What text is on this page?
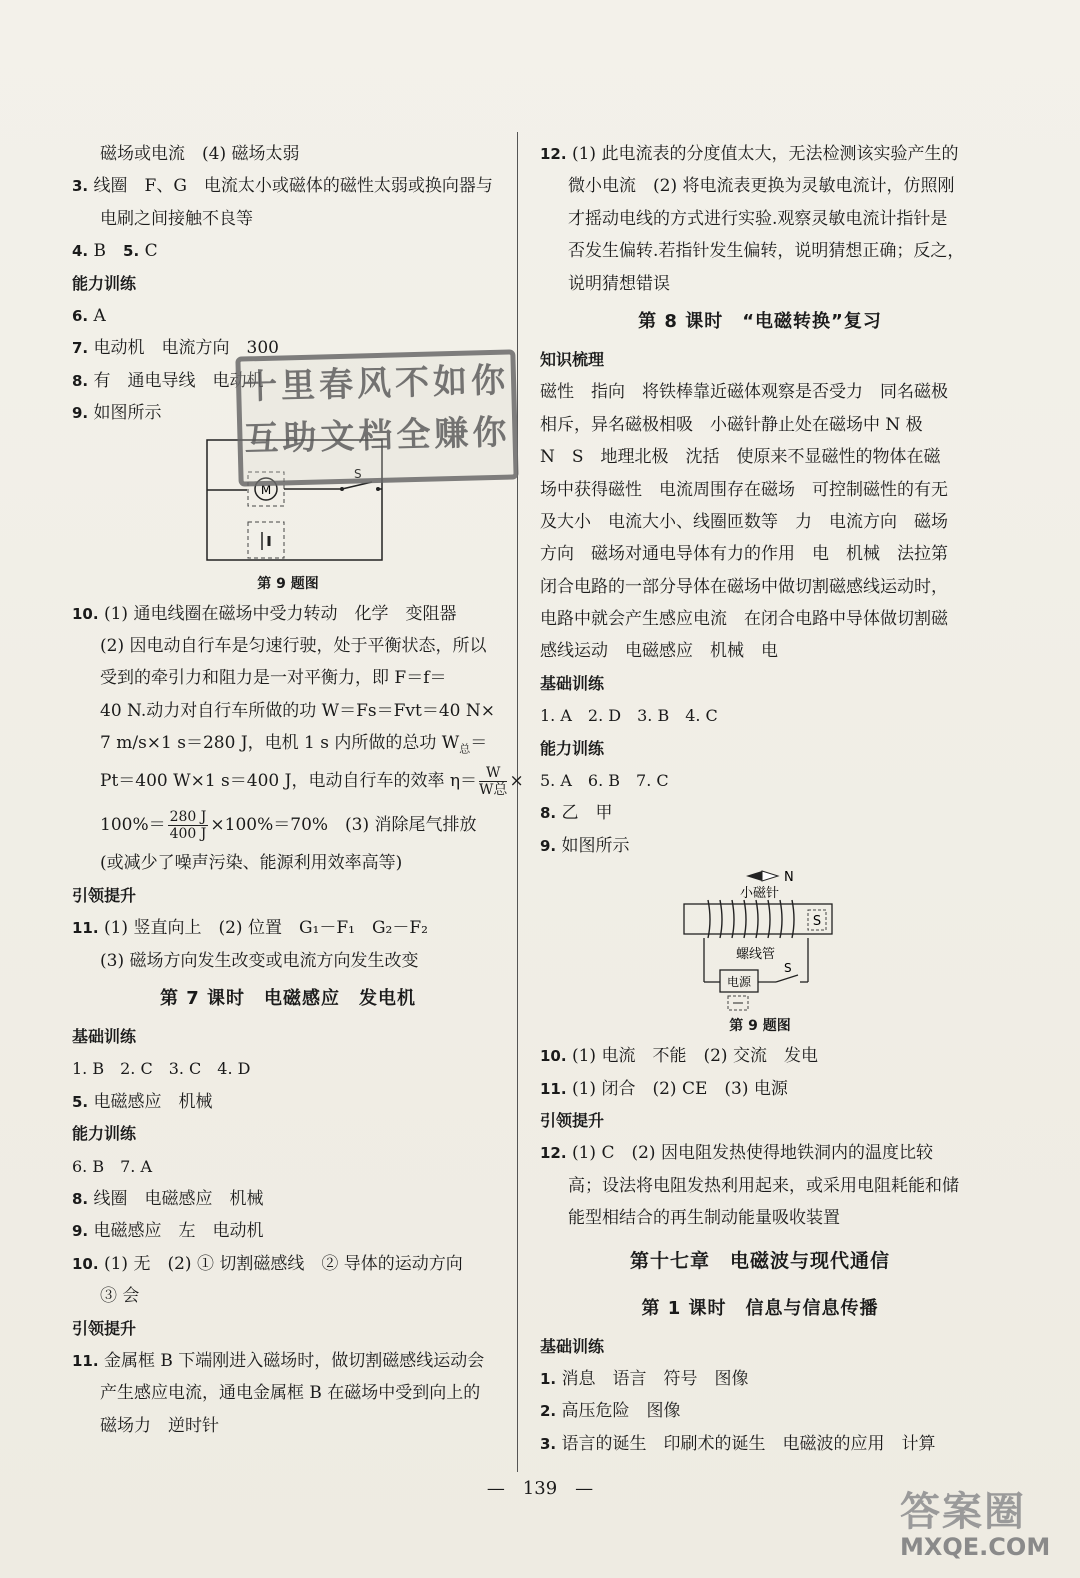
磁场或电流　(4) 磁场太弱
3. 线圈　F、G　电流太小或磁体的磁性太弱或换向器与
电刷之间接触不良等
4. B　5. C
能力训练
6. A
7. 电动机　电流方向　300
8. 有　通电导线　电动机
9. 如图所示
M
S
第 9 题图
10. (1) 通电线圈在磁场中受力转动　化学　变阻器
(2) 因电动自行车是匀速行驶，处于平衡状态，所以
受到的牵引力和阻力是一对平衡力，即 F＝f＝
40 N.动力对自行车所做的功 W＝Fs＝Fvt＝40 N×
7 m/s×1 s＝280 J，电机 1 s 内所做的总功 $W_总=$
Pt＝400 W×1 s＝400 J，电动自行车的效率 $\eta= \frac{W}{\text{W总}}$ ×
$100\%= \frac{280 J}{400 J} \times 100\%=70\%$　(3) 消除尾气排放
(或减少了噪声污染、能源利用效率高等)
引领提升
11. (1) 竖直向上　(2) 位置　G₁－F₁　G₂－F₂
(3) 磁场方向发生改变或电流方向发生改变
第 7 课时　电磁感应　发电机
基础训练
1. B　2. C　3. C　4. D
5. 电磁感应　机械
能力训练
6. B　7. A
8. 线圈　电磁感应　机械
9. 电磁感应　左　电动机
10. (1) 无　(2) ① 切割磁感线　② 导体的运动方向
③ 会
引领提升
11. 金属框 B 下端刚进入磁场时，做切割磁感线运动会
产生感应电流，通电金属框 B 在磁场中受到向上的
磁场力　逆时针
12. (1) 此电流表的分度值太大，无法检测该实验产生的
微小电流　(2) 将电流表更换为灵敏电流计，仿照刚
才摇动电线的方式进行实验.观察灵敏电流计指针是
否发生偏转.若指针发生偏转，说明猜想正确；反之，
说明猜想错误
第 8 课时　“电磁转换”复习
知识梳理
磁性　指向　将铁棒靠近磁体观察是否受力　同名磁极
相斥，异名磁极相吸　小磁针静止处在磁场中 N 极
N　S　地理北极　沈括　使原来不显磁性的物体在磁
场中获得磁性　电流周围存在磁场　可控制磁性的有无
及大小　电流大小、线圈匝数等　力　电流方向　磁场
方向　磁场对通电导体有力的作用　电　机械　法拉第
闭合电路的一部分导体在磁场中做切割磁感线运动时，
电路中就会产生感应电流　在闭合电路中导体做切割磁
感线运动　电磁感应　机械　电
基础训练
1. A　2. D　3. B　4. C
能力训练
5. A　6. B　7. C
8. 乙　甲
9. 如图所示
N
小磁针
S
螺线管
电源
S
第 9 题图
10. (1) 电流　不能　(2) 交流　发电
11. (1) 闭合　(2) CE　(3) 电源
引领提升
12. (1) C　(2) 因电阻发热使得地铁洞内的温度比较
高；设法将电阻发热利用起来，或采用电阻耗能和储
能型相结合的再生制动能量吸收装置
第十七章　电磁波与现代通信
第 1 课时　信息与信息传播
基础训练
1. 消息　语言　符号　图像
2. 高压危险　图像
3. 语言的诞生　印刷术的诞生　电磁波的应用　计算
十里春风不如你
互助文档全赚你
—　139　—
答案圈
MXQE.COM
